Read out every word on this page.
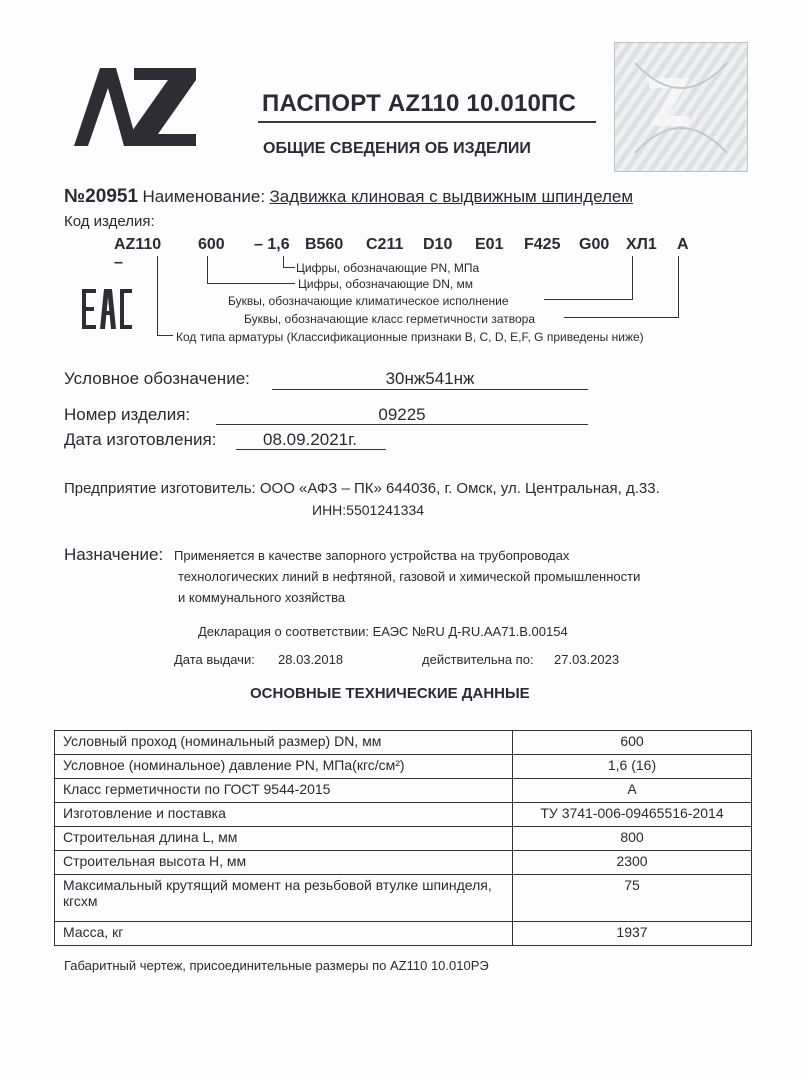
ПАСПОРТ AZ110 10.010ПС
ОБЩИЕ СВЕДЕНИЯ ОБ ИЗДЕЛИИ
№20951 Наименование: Задвижка клиновая с выдвижным шпинделем
Код изделия:
AZ110 –
600 – 1,6 B560 C211 D10 E01 F425 G00 ХЛ1 А
Цифры, обозначающие PN, МПа
Цифры, обозначающие DN, мм
Буквы, обозначающие климатическое исполнение
Буквы, обозначающие класс герметичности затвора
Код типа арматуры (Классификационные признаки B, C, D, E,F, G приведены ниже)
Условное обозначение:	30нж541нж
Номер изделия:	09225
Дата изготовления:	08.09.2021г.
Предприятие изготовитель: ООО «АФЗ – ПК» 644036, г. Омск, ул. Центральная, д.33.
ИНН:5501241334
Назначение: Применяется в качестве запорного устройства на трубопроводах
технологических линий в нефтяной, газовой и химической промышленности
и коммунального хозяйства
Декларация о соответствии: ЕАЭС №RU Д-RU.АА71.В.00154
Дата выдачи: 28.03.2018	действительна по: 27.03.2023
ОСНОВНЫЕ ТЕХНИЧЕСКИЕ ДАННЫЕ
Условный проход (номинальный размер) DN, мм	600
Условное (номинальное) давление PN, МПа(кгс/см²)	1,6 (16)
Класс герметичности по ГОСТ 9544-2015	А
Изготовление и поставка	ТУ 3741-006-09465516-2014
Строительная длина L, мм	800
Строительная высота Н, мм	2300
Максимальный крутящий момент на резьбовой втулке шпинделя, кгсхм	75
Масса, кг	1937
Габаритный чертеж, присоединительные размеры по AZ110 10.010РЭ
